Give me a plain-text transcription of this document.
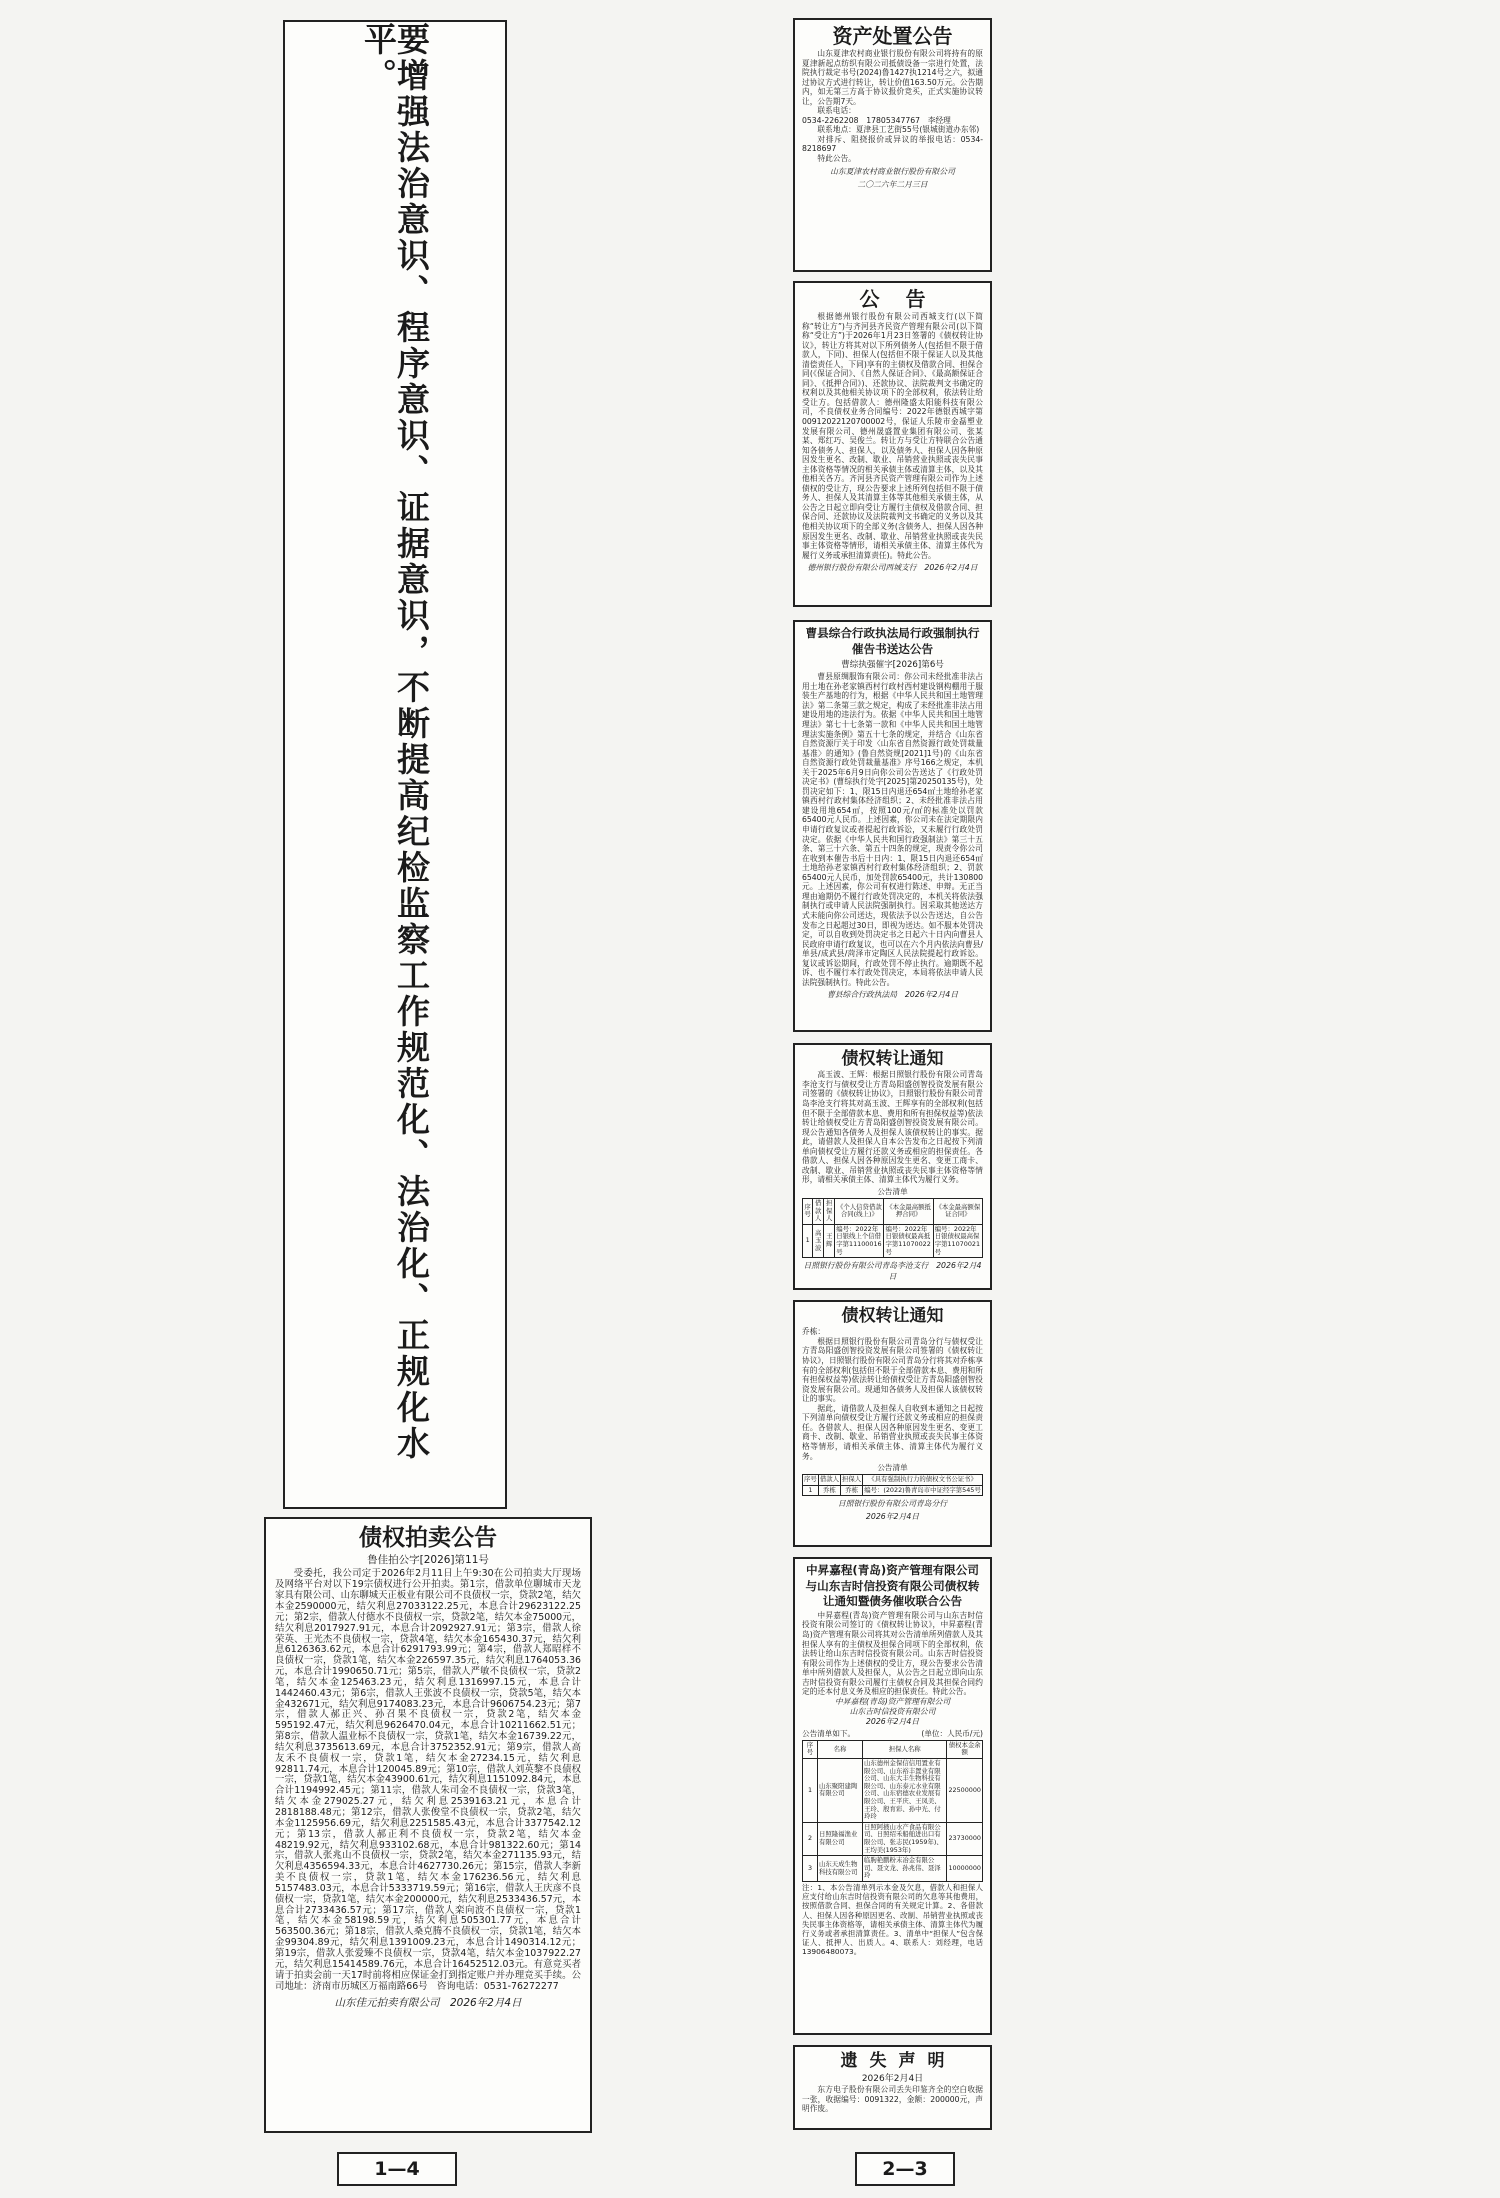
要增强法治意识、程序意识、证据意识，不断提高纪检监察工作规范化、法治化、正规化水平。
债权拍卖公告
鲁佳拍公字[2026]第11号
受委托，我公司定于2026年2月11日上午9:30在公司拍卖大厅现场及网络平台对以下19宗债权进行公开拍卖。第1宗，借款单位聊城市天龙家具有限公司、山东聊城天正板业有限公司不良债权一宗，贷款2笔，结欠本金2590000元，结欠利息27033122.25元，本息合计29623122.25元；第2宗，借款人付德水不良债权一宗，贷款2笔，结欠本金75000元，结欠利息2017927.91元，本息合计2092927.91元；第3宗，借款人徐荣英、王光杰不良债权一宗，贷款4笔，结欠本金165430.37元，结欠利息6126363.62元，本息合计6291793.99元；第4宗，借款人郑昭样不良债权一宗，贷款1笔，结欠本金226597.35元，结欠利息1764053.36元，本息合计1990650.71元；第5宗，借款人严敏不良债权一宗，贷款2笔，结欠本金125463.23元，结欠利息1316997.15元，本息合计1442460.43元；第6宗，借款人王张波不良债权一宗，贷款5笔，结欠本金432671元，结欠利息9174083.23元，本息合计9606754.23元；第7宗，借款人郝正兴、孙召果不良债权一宗，贷款2笔，结欠本金595192.47元，结欠利息9626470.04元，本息合计10211662.51元；第8宗，借款人温业标不良债权一宗，贷款1笔，结欠本金16739.22元，结欠利息3735613.69元，本息合计3752352.91元；第9宗，借款人高友禾不良债权一宗，贷款1笔，结欠本金27234.15元，结欠利息92811.74元，本息合计120045.89元；第10宗，借款人刘英黎不良债权一宗，贷款1笔，结欠本金43900.61元，结欠利息1151092.84元，本息合计1194992.45元；第11宗，借款人朱司金不良债权一宗，贷款3笔，结欠本金279025.27元，结欠利息2539163.21元，本息合计2818188.48元；第12宗，借款人张俊堂不良债权一宗，贷款2笔，结欠本金1125956.69元，结欠利息2251585.43元，本息合计3377542.12元；第13宗，借款人郝正利不良债权一宗，贷款2笔，结欠本金48219.92元，结欠利息933102.68元，本息合计981322.60元；第14宗，借款人张兆山不良债权一宗，贷款2笔，结欠本金271135.93元，结欠利息4356594.33元，本息合计4627730.26元；第15宗，借款人李新美不良债权一宗，贷款1笔，结欠本金176236.56元，结欠利息5157483.03元，本息合计5333719.59元；第16宗，借款人王庆彦不良债权一宗，贷款1笔，结欠本金200000元，结欠利息2533436.57元，本息合计2733436.57元；第17宗，借款人栾向波不良债权一宗，贷款1笔，结欠本金58198.59元，结欠利息505301.77元，本息合计563500.36元；第18宗，借款人桑克腾不良债权一宗，贷款1笔，结欠本金99304.89元，结欠利息1391009.23元，本息合计1490314.12元；第19宗，借款人张爱臻不良债权一宗，贷款4笔，结欠本金1037922.27元，结欠利息15414589.76元，本息合计16452512.03元。有意竞买者请于拍卖会前一天17时前将相应保证金打到指定账户并办理竞买手续。公司地址：济南市历城区万福南路66号　咨询电话：0531-76272277
山东佳元拍卖有限公司　2026年2月4日
资产处置公告

山东夏津农村商业银行股份有限公司将持有的原夏津新起点纺织有限公司抵债设备一宗进行处置，法院执行裁定书号(2024)鲁1427执1214号之六，拟通过协议方式进行转让，转让价值163.50万元。公告期内，如无第三方高于协议报价竞买，正式实施协议转让，公告期7天。

联系电话：

0534-2262208　17805347767　李经理

联系地点：夏津县工艺街55号(银城街道办东邻)

对排斥、阻挠报价或异议的举报电话：0534-8218697

特此公告。

山东夏津农村商业银行股份有限公司
二〇二六年二月三日
公告

根据德州银行股份有限公司西城支行(以下简称“转让方”)与齐河县齐民资产管理有限公司(以下简称“受让方”)于2026年1月23日签署的《债权转让协议》，转让方将其对以下所列债务人(包括但不限于借款人，下同)、担保人(包括但不限于保证人以及其他清偿责任人，下同)享有的主债权及借款合同、担保合同(《保证合同》、《自然人保证合同》、《最高额保证合同》、《抵押合同》)、还款协议、法院裁判文书确定的权利以及其他相关协议项下的全部权利，依法转让给受让方。包括借款人：德州隆盛太阳能科技有限公司，不良债权业务合同编号：2022年德银西城字第00912022120700002号，保证人乐陵市金磊塑业发展有限公司、德州晟盛置业集团有限公司、张某某、郑红巧、吴俊兰。转让方与受让方特联合公告通知各债务人、担保人，以及债务人、担保人因各种原因发生更名、改制、歇业、吊销营业执照或丧失民事主体资格等情况的相关承债主体或清算主体，以及其他相关各方。齐河县齐民资产管理有限公司作为上述债权的受让方，现公告要求上述所列包括但不限于债务人、担保人及其清算主体等其他相关承债主体，从公告之日起立即向受让方履行主债权及借款合同、担保合同、还款协议及法院裁判文书确定的义务以及其他相关协议项下的全部义务(含债务人、担保人因各种原因发生更名、改制、歇业、吊销营业执照或丧失民事主体资格等情形，请相关承债主体、清算主体代为履行义务或承担清算责任)。特此公告。

德州银行股份有限公司西城支行　2026年2月4日
曹县综合行政执法局行政强制执行催告书送达公告
曹综执强催字[2026]第6号

曹县原绸服饰有限公司：你公司未经批准非法占用土地在孙老家镇西村行政村西村建设钢构棚用于服装生产基地的行为，根据《中华人民共和国土地管理法》第二条第三款之规定，构成了未经批准非法占用建设用地的违法行为。依据《中华人民共和国土地管理法》第七十七条第一款和《中华人民共和国土地管理法实施条例》第五十七条的规定，并结合《山东省自然资源厅关于印发〈山东省自然资源行政处罚裁量基准〉的通知》(鲁自然资规[2021]1号)的《山东省自然资源行政处罚裁量基准》序号166之规定，本机关于2025年6月9日向你公司公告送达了《行政处罚决定书》(曹综执行处字[2025]第20250135号)，处罚决定如下：1、限15日内退还654㎡土地给孙老家镇西村行政村集体经济组织；2、未经批准非法占用建设用地654㎡，按照100元/㎡的标准处以罚款65400元人民币。上述因素，你公司未在法定期限内申请行政复议或者提起行政诉讼，又未履行行政处罚决定。依据《中华人民共和国行政强制法》第三十五条、第三十六条、第五十四条的规定，现责令你公司在收到本催告书后十日内：1、限15日内退还654㎡土地给孙老家镇西村行政村集体经济组织；2、罚款65400元人民币，加处罚款65400元，共计130800元。上述因素，你公司有权进行陈述、申辩。无正当理由逾期仍不履行行政处罚决定的，本机关将依法强制执行或申请人民法院强制执行。因采取其他送达方式未能向你公司送达，现依法予以公告送达，自公告发布之日起超过30日，即视为送达。如不服本处罚决定，可以自收到处罚决定书之日起六十日内向曹县人民政府申请行政复议，也可以在六个月内依法向曹县/单县/成武县/菏泽市定陶区人民法院提起行政诉讼。复议或诉讼期间，行政处罚不停止执行。逾期既不起诉、也不履行本行政处罚决定，本局将依法申请人民法院强制执行。特此公告。

曹县综合行政执法局　2026年2月4日
债权转让通知

高玉波、王辉：根据日照银行股份有限公司青岛李沧支行与债权受让方青岛阳盛创智投资发展有限公司签署的《债权转让协议》，日照银行股份有限公司青岛李沧支行将其对高玉波、王辉享有的全部权利(包括但不限于全部借款本息、费用和所有担保权益等)依法转让给债权受让方青岛阳盛创智投资发展有限公司。现公告通知各债务人及担保人该债权转让的事实。据此，请借款人及担保人自本公告发布之日起按下列清单向债权受让方履行还款义务或相应的担保责任。各借款人、担保人因各种原因发生更名、变更工商卡、改制、歇业、吊销营业执照或丧失民事主体资格等情形，请相关承债主体、清算主体代为履行义务。

公告清单
序号	借款人	担保人	《个人信贷借款合同(线上)》	《本金最高额抵押合同》	《本金最高额保证合同》
1	高玉波	王辉	编号：2022年日银线上个信借字第11100016号	编号：2022年日银债权最高抵字第11070022号	编号：2022年日银债权最高保字第11070021号
日照银行股份有限公司青岛李沧支行　2026年2月4日
债权转让通知

乔栋：

根据日照银行股份有限公司青岛分行与债权受让方青岛阳盛创智投资发展有限公司签署的《债权转让协议》，日照银行股份有限公司青岛分行将其对乔栋享有的全部权利(包括但不限于全部借款本息、费用和所有担保权益等)依法转让给债权受让方青岛阳盛创智投资发展有限公司。现通知各债务人及担保人该债权转让的事实。

据此，请借款人及担保人自收到本通知之日起按下列清单向债权受让方履行还款义务或相应的担保责任。各借款人、担保人因各种原因发生更名、变更工商卡、改制、歇业、吊销营业执照或丧失民事主体资格等情形，请相关承债主体、清算主体代为履行义务。

公告清单
序号	借款人	担保人	《具有强制执行力的债权文书公证书》
1	乔栋	乔栋	编号：(2022)鲁青岛市中证经字第545号
日照银行股份有限公司青岛分行
2026年2月4日
中昇嘉程(青岛)资产管理有限公司与山东吉时信投资有限公司债权转让通知暨债务催收联合公告

中昇嘉程(青岛)资产管理有限公司与山东吉时信投资有限公司签订的《债权转让协议》，中昇嘉程(青岛)资产管理有限公司将其对公告清单所列借款人及其担保人享有的主债权及担保合同项下的全部权利，依法转让给山东吉时信投资有限公司。山东吉时信投资有限公司作为上述债权的受让方，现公告要求公告清单中所列借款人及担保人，从公告之日起立即向山东吉时信投资有限公司履行主债权合同及其担保合同约定的还本付息义务及相应的担保责任。特此公告。

中昇嘉程(青岛)资产管理有限公司
山东吉时信投资有限公司
2026年2月4日
公告清单如下。	(单位：人民币/元)
序号	名称	担保人名称	债权本金余额
1	山东聚阳建陶有限公司	山东德州金保信信用置业有限公司、山东裕丰置业有限公司、山东大丰生物科技有限公司、山东泰元水业有限公司、山东宿德农业发展有限公司、王平庆、王凤美、王玲、殷育彩、孙中光、付玲玲	22500000
2	日照隆福渔业有限公司	日照阿掖山水产食品有限公司、日照绍禾船舶进出口有限公司、张志民(1959年)、王均美(1953年)	23730000
3	山东天成生物科技有限公司	临朐艳鹏粉末冶金有限公司、聂文龙、孙兆伟、聂泽玲	10000000
注：1、本公告清单列示本金及欠息，借款人和担保人应支付给山东吉时信投资有限公司的欠息等其他费用，按照借款合同、担保合同的有关规定计算。2、各借款人、担保人因各种原因更名、改制、吊销营业执照或丧失民事主体资格等，请相关承债主体、清算主体代为履行义务或者承担清算责任。3、清单中“担保人”包含保证人、抵押人、出质人。4、联系人：刘经理，电话13906480073。
遗失声明
2026年2月4日

东方电子股份有限公司丢失印鉴齐全的空白收据一张，收据编号：0091322，金额：200000元，声明作废。

1—4	2—3
